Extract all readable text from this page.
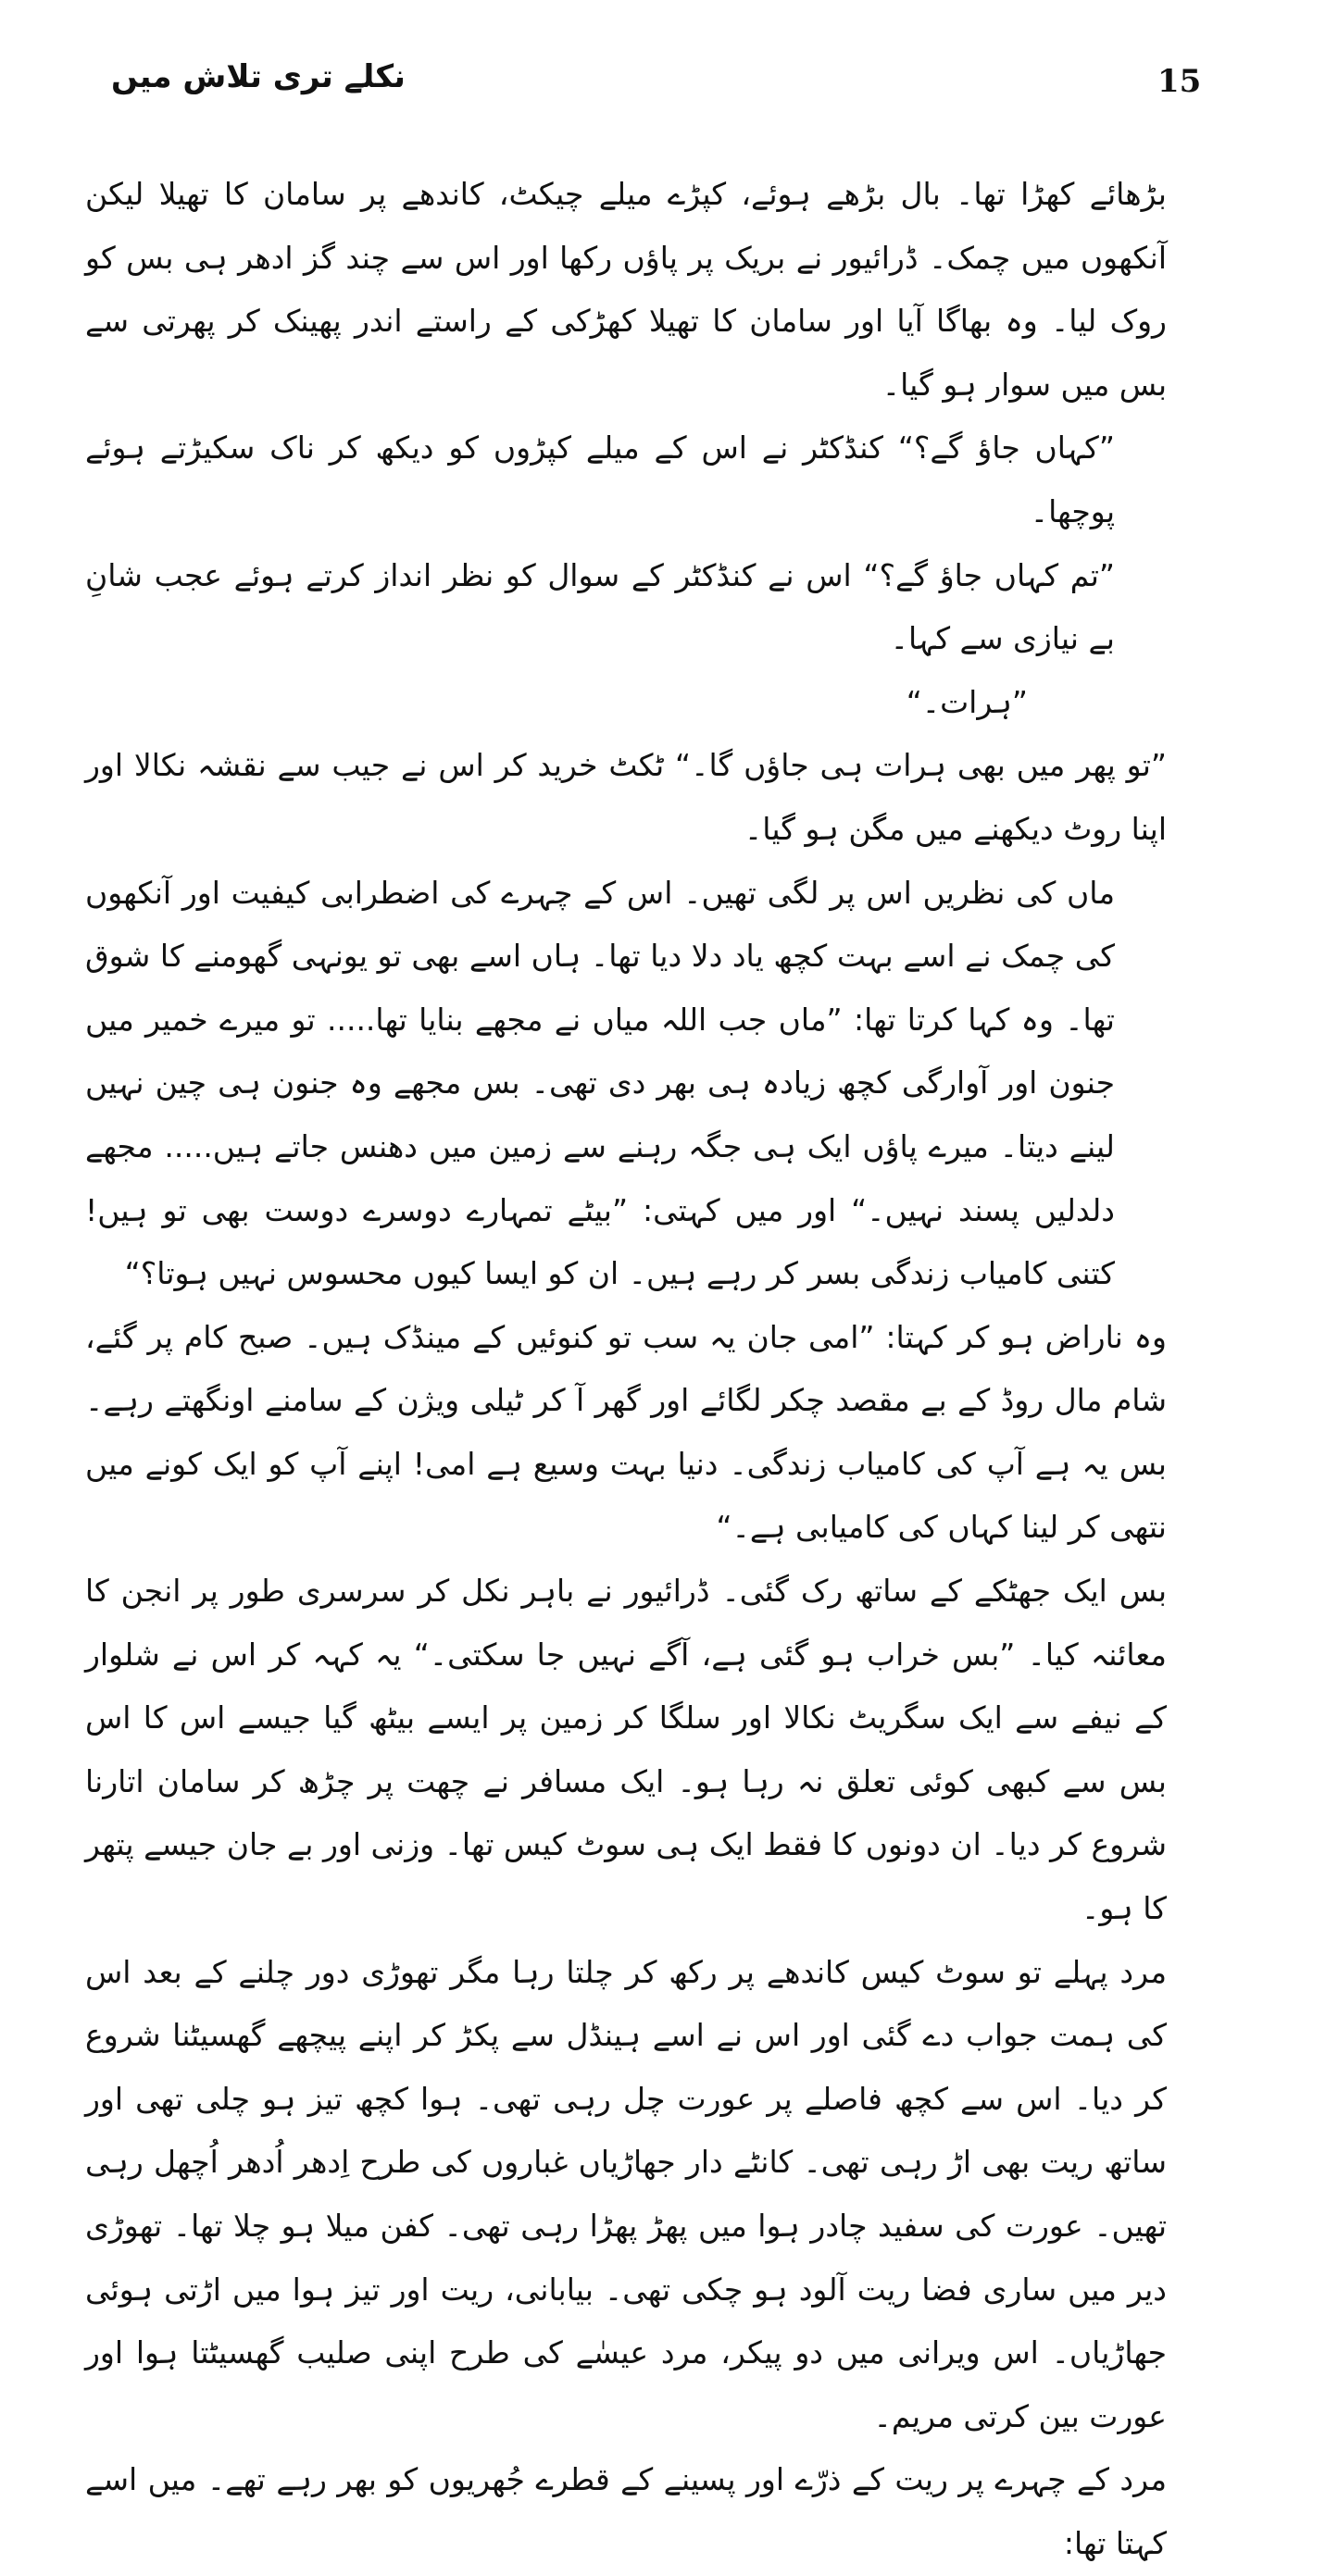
نکلے تری تلاش میں	15

بڑھائے کھڑا تھا۔ بال بڑھے ہوئے، کپڑے میلے چیکٹ، کاندھے پر سامان کا تھیلا لیکن آنکھوں میں چمک۔ ڈرائیور نے بریک پر پاؤں رکھا اور اس سے چند گز ادھر ہی بس کو روک لیا۔ وہ بھاگا آیا اور سامان کا تھیلا کھڑکی کے راستے اندر پھینک کر پھرتی سے بس میں سوار ہو گیا۔

”کہاں جاؤ گے؟“ کنڈکٹر نے اس کے میلے کپڑوں کو دیکھ کر ناک سکیڑتے ہوئے پوچھا۔

”تم کہاں جاؤ گے؟“ اس نے کنڈکٹر کے سوال کو نظر انداز کرتے ہوئے عجب شانِ بے نیازی سے کہا۔

”ہرات۔“

”تو پھر میں بھی ہرات ہی جاؤں گا۔“ ٹکٹ خرید کر اس نے جیب سے نقشہ نکالا اور اپنا روٹ دیکھنے میں مگن ہو گیا۔

ماں کی نظریں اس پر لگی تھیں۔ اس کے چہرے کی اضطرابی کیفیت اور آنکھوں کی چمک نے اسے بہت کچھ یاد دلا دیا تھا۔ ہاں اسے بھی تو یونہی گھومنے کا شوق تھا۔ وہ کہا کرتا تھا: ”ماں جب اللہ میاں نے مجھے بنایا تھا..... تو میرے خمیر میں جنون اور آوارگی کچھ زیادہ ہی بھر دی تھی۔ بس مجھے وہ جنون ہی چین نہیں لینے دیتا۔ میرے پاؤں ایک ہی جگہ رہنے سے زمین میں دھنس جاتے ہیں..... مجھے دلدلیں پسند نہیں۔“ اور میں کہتی: ”بیٹے تمہارے دوسرے دوست بھی تو ہیں! کتنی کامیاب زندگی بسر کر رہے ہیں۔ ان کو ایسا کیوں محسوس نہیں ہوتا؟“

وہ ناراض ہو کر کہتا: ”امی جان یہ سب تو کنوئیں کے مینڈک ہیں۔ صبح کام پر گئے، شام مال روڈ کے بے مقصد چکر لگائے اور گھر آ کر ٹیلی ویژن کے سامنے اونگھتے رہے۔ بس یہ ہے آپ کی کامیاب زندگی۔ دنیا بہت وسیع ہے امی! اپنے آپ کو ایک کونے میں نتھی کر لینا کہاں کی کامیابی ہے۔“

بس ایک جھٹکے کے ساتھ رک گئی۔ ڈرائیور نے باہر نکل کر سرسری طور پر انجن کا معائنہ کیا۔ ”بس خراب ہو گئی ہے، آگے نہیں جا سکتی۔“ یہ کہہ کر اس نے شلوار کے نیفے سے ایک سگریٹ نکالا اور سلگا کر زمین پر ایسے بیٹھ گیا جیسے اس کا اس بس سے کبھی کوئی تعلق نہ رہا ہو۔ ایک مسافر نے چھت پر چڑھ کر سامان اتارنا شروع کر دیا۔ ان دونوں کا فقط ایک ہی سوٹ کیس تھا۔ وزنی اور بے جان جیسے پتھر کا ہو۔

مرد پہلے تو سوٹ کیس کاندھے پر رکھ کر چلتا رہا مگر تھوڑی دور چلنے کے بعد اس کی ہمت جواب دے گئی اور اس نے اسے ہینڈل سے پکڑ کر اپنے پیچھے گھسیٹنا شروع کر دیا۔ اس سے کچھ فاصلے پر عورت چل رہی تھی۔ ہوا کچھ تیز ہو چلی تھی اور ساتھ ریت بھی اڑ رہی تھی۔ کانٹے دار جھاڑیاں غباروں کی طرح اِدھر اُدھر اُچھل رہی تھیں۔ عورت کی سفید چادر ہوا میں پھڑ پھڑا رہی تھی۔ کفن میلا ہو چلا تھا۔ تھوڑی دیر میں ساری فضا ریت آلود ہو چکی تھی۔ بیابانی، ریت اور تیز ہوا میں اڑتی ہوئی جھاڑیاں۔ اس ویرانی میں دو پیکر، مرد عیسٰے کی طرح اپنی صلیب گھسیٹتا ہوا اور عورت بین کرتی مریم۔

مرد کے چہرے پر ریت کے ذرّے اور پسینے کے قطرے جُھریوں کو بھر رہے تھے۔ میں اسے کہتا تھا:
